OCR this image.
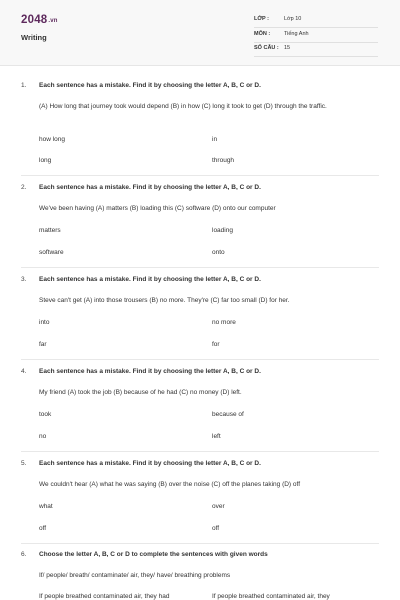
2048.vn
Writing
LỚP :	Lớp 10
MÔN :	Tiếng Anh
SỐ CÂU : 15
1. Each sentence has a mistake. Find it by choosing the letter A, B, C or D.
(A) How long that journey took would depend (B) in how (C) long it took to get (D) through the traffic.
how long	in
long	through
2. Each sentence has a mistake. Find it by choosing the letter A, B, C or D.
We've been having (A) matters (B) loading this (C) software (D) onto our computer
matters	loading
software	onto
3. Each sentence has a mistake. Find it by choosing the letter A, B, C or D.
Steve can't get (A) into those trousers (B) no more. They're (C) far too small (D) for her.
into	no more
far	for
4. Each sentence has a mistake. Find it by choosing the letter A, B, C or D.
My friend (A) took the job (B) because of he had (C) no money (D) left.
took	because of
no	left
5. Each sentence has a mistake. Find it by choosing the letter A, B, C or D.
We couldn't hear (A) what he was saying (B) over the noise (C) off the planes taking (D) off
what	over
off	off
6. Choose the letter A, B, C or D to complete the sentences with given words
If/ people/ breath/ contaminate/ air, they/ have/ breathing problems
If people breathed contaminated air, they had	If people breathed contaminated air, they
